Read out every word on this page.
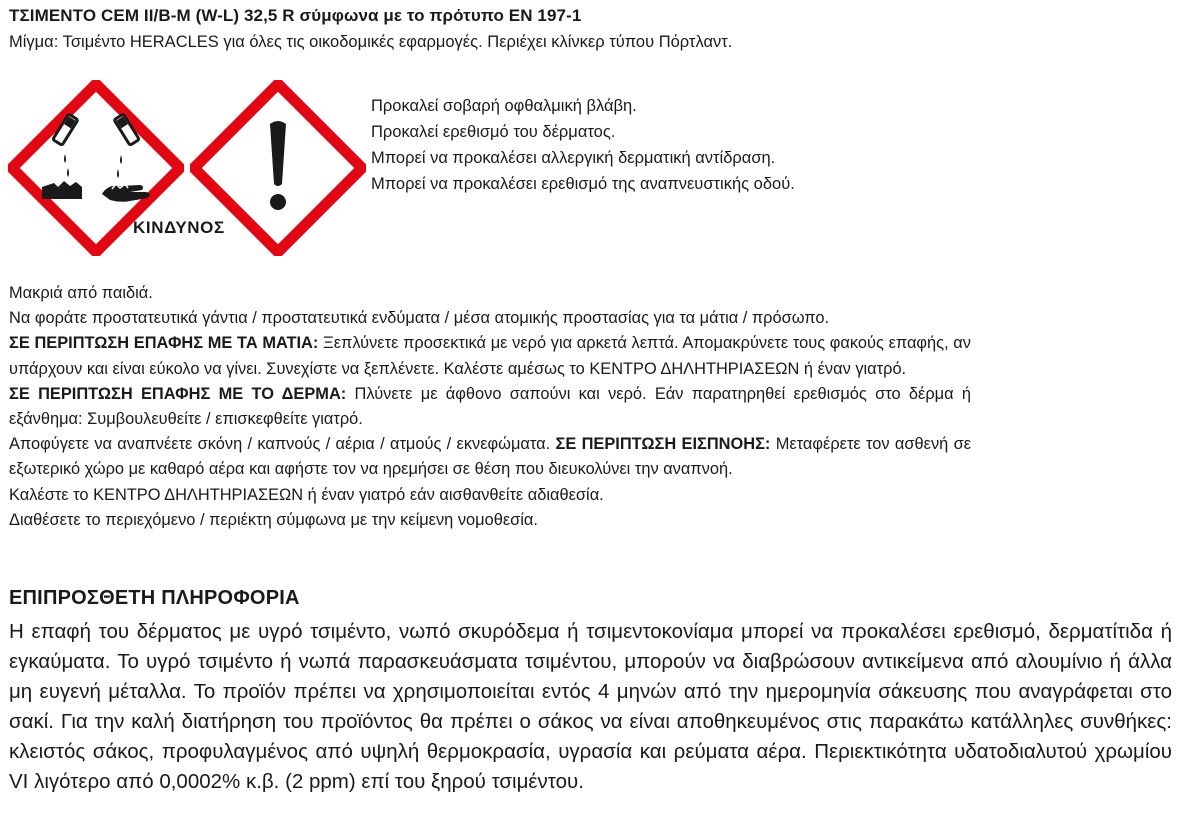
ΤΣΙΜΕΝΤΟ CEM II/B-M (W-L) 32,5 R σύμφωνα με το πρότυπο EN 197-1
Μίγμα: Τσιμέντο HERACLES για όλες τις οικοδομικές εφαρμογές. Περιέχει κλίνκερ τύπου Πόρτλαντ.
ΚΙΝΔΥΝΟΣ
Προκαλεί σοβαρή οφθαλμική βλάβη.
Προκαλεί ερεθισμό του δέρματος.
Μπορεί να προκαλέσει αλλεργική δερματική αντίδραση.
Μπορεί να προκαλέσει ερεθισμό της αναπνευστικής οδού.

Μακριά από παιδιά.

Να φοράτε προστατευτικά γάντια / προστατευτικά ενδύματα / μέσα ατομικής προστασίας για τα μάτια / πρόσωπο.

ΣΕ ΠΕΡΙΠΤΩΣΗ ΕΠΑΦΗΣ ΜΕ ΤΑ ΜΑΤΙΑ: Ξεπλύνετε προσεκτικά με νερό για αρκετά λεπτά. Απομακρύνετε τους φακούς επαφής, αν υπάρχουν και είναι εύκολο να γίνει. Συνεχίστε να ξεπλένετε. Καλέστε αμέσως το ΚΕΝΤΡΟ ΔΗΛΗΤΗΡΙΑΣΕΩΝ ή έναν γιατρό.

ΣΕ ΠΕΡΙΠΤΩΣΗ ΕΠΑΦΗΣ ΜΕ ΤΟ ΔΕΡΜΑ: Πλύνετε με άφθονο σαπούνι και νερό. Εάν παρατηρηθεί ερεθισμός στο δέρμα ή εξάνθημα: Συμβουλευθείτε / επισκεφθείτε γιατρό.

Αποφύγετε να αναπνέετε σκόνη / καπνούς / αέρια / ατμούς / εκνεφώματα. ΣΕ ΠΕΡΙΠΤΩΣΗ ΕΙΣΠΝΟΗΣ: Μεταφέρετε τον ασθενή σε εξωτερικό χώρο με καθαρό αέρα και αφήστε τον να ηρεμήσει σε θέση που διευκολύνει την αναπνοή.

Καλέστε το ΚΕΝΤΡΟ ΔΗΛΗΤΗΡΙΑΣΕΩΝ ή έναν γιατρό εάν αισθανθείτε αδιαθεσία.

Διαθέσετε το περιεχόμενο / περιέκτη σύμφωνα με την κείμενη νομοθεσία.

ΕΠΙΠΡΟΣΘΕΤΗ ΠΛΗΡΟΦΟΡΙΑ
Η επαφή του δέρματος με υγρό τσιμέντο, νωπό σκυρόδεμα ή τσιμεντοκονίαμα μπορεί να προκαλέσει ερεθισμό, δερματίτιδα ή εγκαύματα. Το υγρό τσιμέντο ή νωπά παρασκευάσματα τσιμέντου, μπορούν να διαβρώσουν αντικείμενα από αλουμίνιο ή άλλα μη ευγενή μέταλλα. Το προϊόν πρέπει να χρησιμοποιείται εντός 4 μηνών από την ημερομηνία σάκευσης που αναγράφεται στο σακί. Για την καλή διατήρηση του προϊόντος θα πρέπει ο σάκος να είναι αποθηκευμένος στις παρακάτω κατάλληλες συνθήκες: κλειστός σάκος, προφυλαγμένος από υψηλή θερμοκρασία, υγρασία και ρεύματα αέρα. Περιεκτικότητα υδατοδιαλυτού χρωμίου VI λιγότερο από 0,0002% κ.β. (2 ppm) επί του ξηρού τσιμέντου.
